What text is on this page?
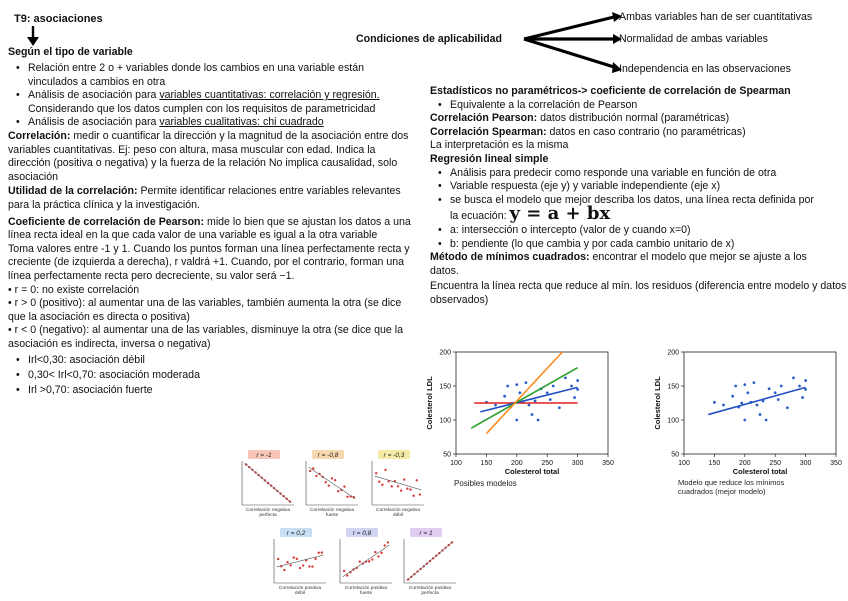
T9: asociaciones
Según el tipo de variable
• Relación entre 2 o + variables donde los cambios en una variable están vinculados a cambios en otra
• Análisis de asociación para variables cuantitativas: correlación y regresión. Considerando que los datos cumplen con los requisitos de parametricidad
• Análisis de asociación para variables cualitativas: chi cuadrado
Correlación: medir o cuantificar la dirección y la magnitud de la asociación entre dos variables cuantitativas. Ej: peso con altura, masa muscular con edad. Indica la dirección (positiva o negativa) y la fuerza de la relación No implica causalidad, solo asociación
Utilidad de la correlación: Permite identificar relaciones entre variables relevantes para la práctica clínica y la investigación.
Coeficiente de correlación de Pearson: mide lo bien que se ajustan los datos a una línea recta ideal en la que cada valor de una variable es igual a la otra variable
Toma valores entre -1 y 1. Cuando los puntos forman una línea perfectamente recta y creciente (de izquierda a derecha), r valdrá +1. Cuando, por el contrario, forman una línea perfectamente recta pero decreciente, su valor será −1.
• r = 0: no existe correlación
• r > 0 (positivo): al aumentar una de las variables, también aumenta la otra (se dice que la asociación es directa o positiva)
• r < 0 (negativo): al aumentar una de las variables, disminuye la otra (se dice que la asociación es indirecta, inversa o negativa)
• Irl<0,30: asociación débil
• 0,30< Irl<0,70: asociación moderada
• Irl >0,70: asociación fuerte
r = -1
Correlación negativa
perfecta
r = -0,8
Correlación negativa
fuerte
r = -0,3
Correlación negativa
débil
r = 0,2
Correlación positiva
débil
r = 0,8
Correlación positiva
fuerte
r = 1
Correlación positiva
perfecta
Condiciones de aplicabilidad
Ambas variables han de ser cuantitativas
Normalidad de ambas variables
Independencia en las observaciones
Estadísticos no paramétricos-> coeficiente de correlación de Spearman
• Equivalente a la correlación de Pearson
Correlación Pearson: datos distribución normal (paramétricas)
Correlación Spearman: datos en caso contrario (no paramétricas)
La interpretación es la misma
Regresión lineal simple
• Análisis para predecir como responde una variable en función de otra
• Variable respuesta (eje y) y variable independiente (eje x)
• se busca el modelo que mejor describa los datos, una línea recta definida por la ecuación: y = a + bx
• a: intersección o intercepto (valor de y cuando x=0)
• b: pendiente (lo que cambia y por cada cambio unitario de x)
Método de mínimos cuadrados: encontrar el modelo que mejor se ajuste a los datos.
Encuentra la línea recta que reduce al mín. los residuos (diferencia entre modelo y datos observados)
100	150	200	250	300	350
50
100
150
200
Colesterol total
Colesterol LDL
Posibles modelos
100	150	200	250	300	350
50
100
150
200
Colesterol total
Colesterol LDL
Modelo que reduce los mínimos
cuadrados (mejor modelo)
